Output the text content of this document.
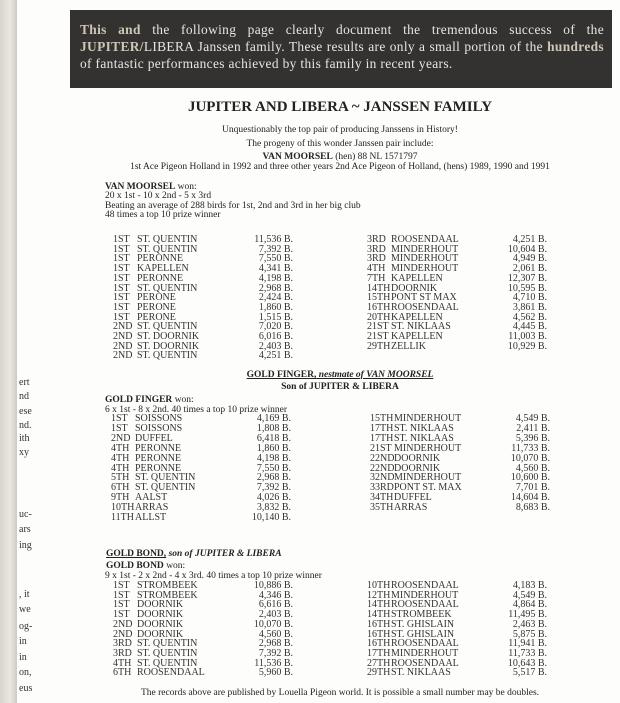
ert
nd
ese
nd.
ith
xy
uc-
ars
ing
, it
we
og-
in
in
on,
eus
This and the following page clearly document the tremendous success of the JUPITER/LIBERA Janssen family. These results are only a small portion of the hundreds of fantastic performances achieved by this family in recent years.
JUPITER AND LIBERA ~ JANSSEN FAMILY
Unquestionably the top pair of producing Janssens in History!
The progeny of this wonder Janssen pair include:
VAN MOORSEL (hen) 88 NL 1571797
1st Ace Pigeon Holland in 1992 and three other years 2nd Ace Pigeon of Holland, (hens) 1989, 1990 and 1991
VAN MOORSEL won:
20 x 1st - 10 x 2nd - 5 x 3rd
Beating an average of 288 birds for 1st, 2nd and 3rd in her big club
48 times a top 10 prize winner
GOLD FINGER, nestmate of VAN MOORSEL
Son of JUPITER & LIBERA
GOLD FINGER won:
6 x 1st - 8 x 2nd. 40 times a top 10 prize winner
GOLD BOND, son of JUPITER & LIBERA
GOLD BOND won:
9 x 1st - 2 x 2nd - 4 x 3rd. 40 times a top 10 prize winner
The records above are published by Louella Pigeon world. It is possible a small number may be doubles.
1ST ST. QUENTIN	11,536 B.
1ST ST. QUENTIN	7,392 B.
1ST PERONNE	7,550 B.
1ST KAPELLEN	4,341 B.
1ST PERONNE	4,198 B.
1ST ST. QUENTIN	2,968 B.
1ST PERONE	2,424 B.
1ST PERONE	1,860 B.
1ST PERONE	1,515 B.
2ND ST. QUENTIN	7,020 B.
2ND ST. DOORNIK	6,016 B.
2ND ST. DOORNIK	2,403 B.
2ND ST. QUENTIN	4,251 B.
3RD ROOSENDAAL	4,251 B.
3RD MINDERHOUT	10,604 B.
3RD MINDERHOUT	4,949 B.
4TH MINDERHOUT	2,061 B.
7TH KAPELLEN	12,307 B.
14TH DOORNIK	10,595 B.
15TH PONT ST MAX	4,710 B.
16TH ROOSENDAAL	3,861 B.
20TH KAPELLEN	4,562 B.
21ST ST. NIKLAAS	4,445 B.
21ST KAPELLEN	11,003 B.
29TH ZELLIK	10,929 B.
1ST SOISSONS	4,169 B.
1ST SOISSONS	1,808 B.
2ND DUFFEL	6,418 B.
4TH PERONNE	1,860 B.
4TH PERONNE	4,198 B.
4TH PERONNE	7,550 B.
5TH ST. QUENTIN	2,968 B.
6TH ST. QUENTIN	7,392 B.
9TH AALST	4,026 B.
10TH ARRAS	3,832 B.
11TH ALLST	10,140 B.
15TH MINDERHOUT	4,549 B.
17TH ST. NIKLAAS	2,411 B.
17TH ST. NIKLAAS	5,396 B.
21ST MINDERHOUT	11,733 B.
22ND DOORNIK	10,070 B.
22ND DOORNIK	4,560 B.
32ND MINDERHOUT	10,600 B.
33RD PONT ST. MAX	7,701 B.
34TH DUFFEL	14,604 B.
35TH ARRAS	8,683 B.
1ST STROMBEEK	10,886 B.
1ST STROMBEEK	4,346 B.
1ST DOORNIK	6,616 B.
1ST DOORNIK	2,403 B.
2ND DOORNIK	10,070 B.
2ND DOORNIK	4,560 B.
3RD ST. QUENTIN	2,968 B.
3RD ST. QUENTIN	7,392 B.
4TH ST. QUENTIN	11,536 B.
6TH ROOSENDAAL	5,960 B.
10TH ROOSENDAAL	4,183 B.
12TH MINDERHOUT	4,549 B.
14TH ROOSENDAAL	4,864 B.
14TH STROMBEEK	11,495 B.
16TH ST. GHISLAIN	2,463 B.
16TH ST. GHISLAIN	5,875 B.
16TH ROOSENDAAL	11,941 B.
17TH MINDERHOUT	11,733 B.
27TH ROOSENDAAL	10,643 B.
29TH ST. NIKLAAS	5,517 B.
